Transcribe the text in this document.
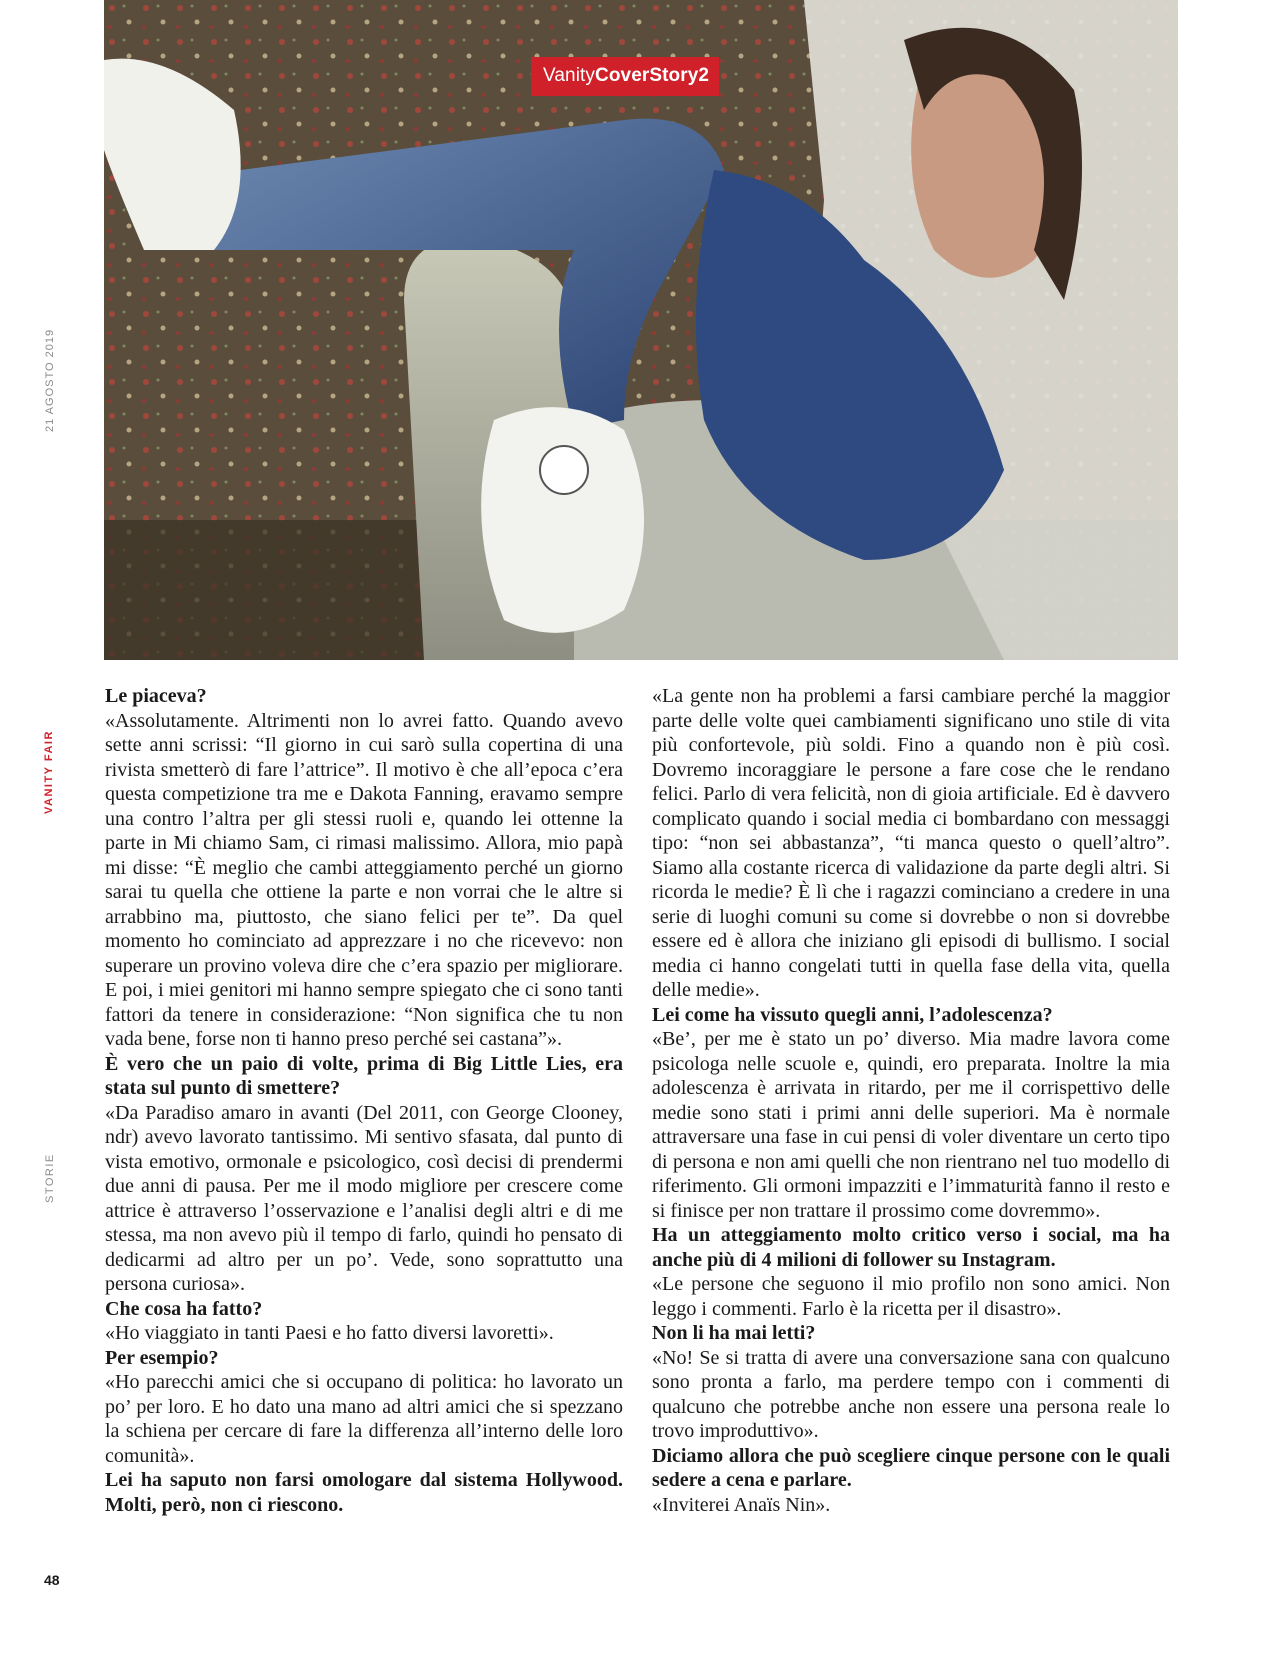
VanityCoverStory2
21 AGOSTO 2019
VANITY FAIR
STORIE
48

Le piaceva?

«Assolutamente. Altrimenti non lo avrei fatto. Quando avevo sette anni scrissi: “Il giorno in cui sarò sulla copertina di una rivista smetterò di fare l’attrice”. Il motivo è che all’epoca c’era questa competizione tra me e Dakota Fanning, eravamo sempre una contro l’altra per gli stessi ruoli e, quando lei ottenne la parte in Mi chiamo Sam, ci rimasi malissimo. Allora, mio papà mi disse: “È meglio che cambi atteggiamento perché un giorno sarai tu quella che ottiene la parte e non vorrai che le altre si arrabbino ma, piuttosto, che siano felici per te”. Da quel momento ho cominciato ad apprezzare i no che ricevevo: non superare un provino voleva dire che c’era spazio per migliorare. E poi, i miei genitori mi hanno sempre spiegato che ci sono tanti fattori da tenere in considerazione: “Non significa che tu non vada bene, forse non ti hanno preso perché sei castana”».

È vero che un paio di volte, prima di Big Little Lies, era stata sul punto di smettere?

«Da Paradiso amaro in avanti (Del 2011, con George Clooney, ndr) avevo lavorato tantissimo. Mi sentivo sfasata, dal punto di vista emotivo, ormonale e psicologico, così decisi di prendermi due anni di pausa. Per me il modo migliore per crescere come attrice è attraverso l’osservazione e l’analisi degli altri e di me stessa, ma non avevo più il tempo di farlo, quindi ho pensato di dedicarmi ad altro per un po’. Vede, sono soprattutto una persona curiosa».

Che cosa ha fatto?

«Ho viaggiato in tanti Paesi e ho fatto diversi lavoretti».

Per esempio?

«Ho parecchi amici che si occupano di politica: ho lavorato un po’ per loro. E ho dato una mano ad altri amici che si spezzano la schiena per cercare di fare la differenza all’interno delle loro comunità».

Lei ha saputo non farsi omologare dal sistema Hollywood. Molti, però, non ci riescono.

«La gente non ha problemi a farsi cambiare perché la maggior parte delle volte quei cambiamenti significano uno stile di vita più confortevole, più soldi. Fino a quando non è più così. Dovremo incoraggiare le persone a fare cose che le rendano felici. Parlo di vera felicità, non di gioia artificiale. Ed è davvero complicato quando i social media ci bombardano con messaggi tipo: “non sei abbastanza”, “ti manca questo o quell’altro”. Siamo alla costante ricerca di validazione da parte degli altri. Si ricorda le medie? È lì che i ragazzi cominciano a credere in una serie di luoghi comuni su come si dovrebbe o non si dovrebbe essere ed è allora che iniziano gli episodi di bullismo. I social media ci hanno congelati tutti in quella fase della vita, quella delle medie».

Lei come ha vissuto quegli anni, l’adolescenza?

«Be’, per me è stato un po’ diverso. Mia madre lavora come psicologa nelle scuole e, quindi, ero preparata. Inoltre la mia adolescenza è arrivata in ritardo, per me il corrispettivo delle medie sono stati i primi anni delle superiori. Ma è normale attraversare una fase in cui pensi di voler diventare un certo tipo di persona e non ami quelli che non rientrano nel tuo modello di riferimento. Gli ormoni impazziti e l’immaturità fanno il resto e si finisce per non trattare il prossimo come dovremmo».

Ha un atteggiamento molto critico verso i social, ma ha anche più di 4 milioni di follower su Instagram.

«Le persone che seguono il mio profilo non sono amici. Non leggo i commenti. Farlo è la ricetta per il disastro».

Non li ha mai letti?

«No! Se si tratta di avere una conversazione sana con qualcuno sono pronta a farlo, ma perdere tempo con i commenti di qualcuno che potrebbe anche non essere una persona reale lo trovo improduttivo».

Diciamo allora che può scegliere cinque persone con le quali sedere a cena e parlare.

«Inviterei Anaïs Nin».
